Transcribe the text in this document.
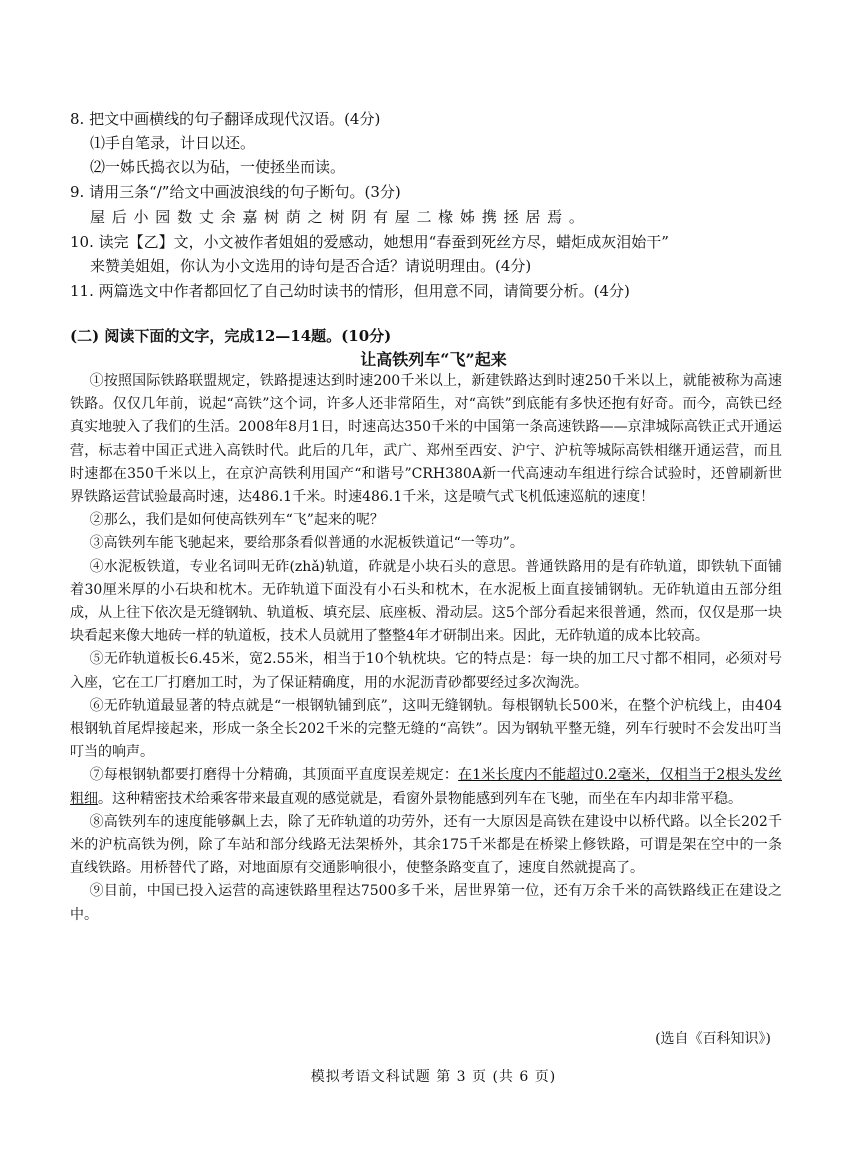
8. 把文中画横线的句子翻译成现代汉语。(4分)
⑴手自笔录，计日以还。
⑵一姊氏捣衣以为砧，一使拯坐而读。
9. 请用三条“/”给文中画波浪线的句子断句。(3分)
屋 后 小 园 数 丈 余 嘉 树 荫 之 树 阴 有 屋 二 椽 姊 携 拯 居 焉 。
10. 读完【乙】文，小文被作者姐姐的爱感动，她想用“春蚕到死丝方尽，蜡炬成灰泪始干”
来赞美姐姐，你认为小文选用的诗句是否合适？请说明理由。(4分)
11. 两篇选文中作者都回忆了自己幼时读书的情形，但用意不同，请简要分析。(4分)
(二) 阅读下面的文字，完成12—14题。(10分)
让高铁列车“飞”起来

①按照国际铁路联盟规定，铁路提速达到时速200千米以上，新建铁路达到时速250千米以上，就能被称为高速铁路。仅仅几年前，说起“高铁”这个词，许多人还非常陌生，对“高铁”到底能有多快还抱有好奇。而今，高铁已经真实地驶入了我们的生活。2008年8月1日，时速高达350千米的中国第一条高速铁路——京津城际高铁正式开通运营，标志着中国正式进入高铁时代。此后的几年，武广、郑州至西安、沪宁、沪杭等城际高铁相继开通运营，而且时速都在350千米以上，在京沪高铁利用国产“和谐号”CRH380A新一代高速动车组进行综合试验时，还曾刷新世界铁路运营试验最高时速，达486.1千米。时速486.1千米，这是喷气式飞机低速巡航的速度！

②那么，我们是如何使高铁列车“飞”起来的呢？

③高铁列车能飞驰起来，要给那条看似普通的水泥板铁道记“一等功”。

④水泥板铁道，专业名词叫无砟(zhǎ)轨道，砟就是小块石头的意思。普通铁路用的是有砟轨道，即铁轨下面铺着30厘米厚的小石块和枕木。无砟轨道下面没有小石头和枕木，在水泥板上面直接铺钢轨。无砟轨道由五部分组成，从上往下依次是无缝钢轨、轨道板、填充层、底座板、滑动层。这5个部分看起来很普通，然而，仅仅是那一块块看起来像大地砖一样的轨道板，技术人员就用了整整4年才研制出来。因此，无砟轨道的成本比较高。

⑤无砟轨道板长6.45米，宽2.55米，相当于10个轨枕块。它的特点是：每一块的加工尺寸都不相同，必须对号入座，它在工厂打磨加工时，为了保证精确度，用的水泥沥青砂都要经过多次淘洗。

⑥无砟轨道最显著的特点就是“一根钢轨铺到底”，这叫无缝钢轨。每根钢轨长500米，在整个沪杭线上，由404根钢轨首尾焊接起来，形成一条全长202千米的完整无缝的“高铁”。因为钢轨平整无缝，列车行驶时不会发出叮当叮当的响声。

⑦每根钢轨都要打磨得十分精确，其顶面平直度误差规定：在1米长度内不能超过0.2毫米，仅相当于2根头发丝粗细。这种精密技术给乘客带来最直观的感觉就是，看窗外景物能感到列车在飞驰，而坐在车内却非常平稳。

⑧高铁列车的速度能够飙上去，除了无砟轨道的功劳外，还有一大原因是高铁在建设中以桥代路。以全长202千米的沪杭高铁为例，除了车站和部分线路无法架桥外，其余175千米都是在桥梁上修铁路，可谓是架在空中的一条直线铁路。用桥替代了路，对地面原有交通影响很小，使整条路变直了，速度自然就提高了。

⑨目前，中国已投入运营的高速铁路里程达7500多千米，居世界第一位，还有万余千米的高铁路线正在建设之中。

(选自《百科知识》)
模拟考语文科试题 第 3 页 (共 6 页)
